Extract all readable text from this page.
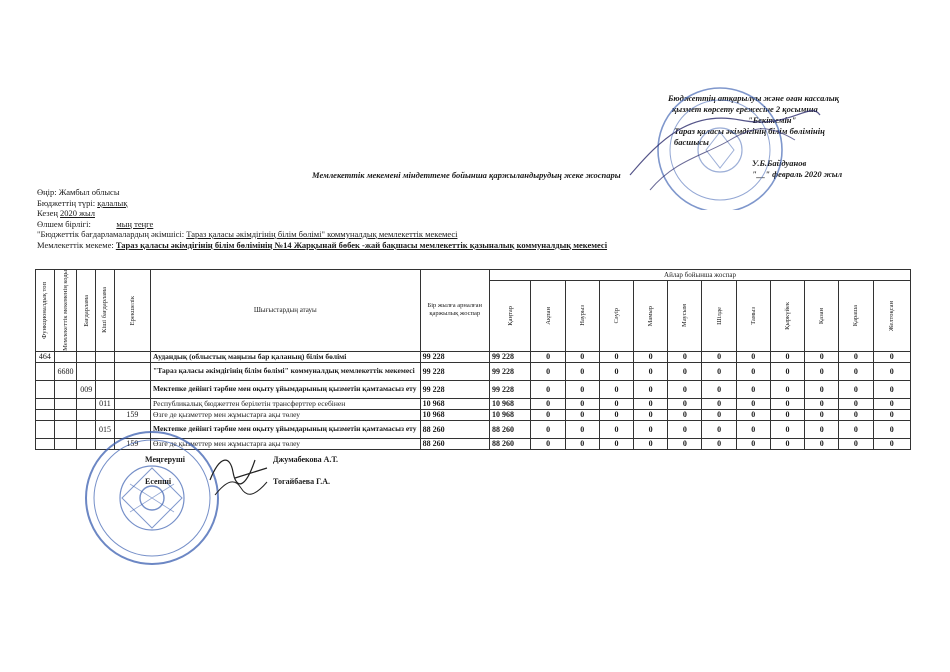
Бюджеттің атқарылуы және оған кассалық
қызмет көрсету ережесіне 2 қосымша
"Бекітемін"
Тараз қаласы әкімдігінің білім бөлімінің
басшысы
У.Б.Байдуанов
"__" февраль 2020 жыл
Мемлекеттік мекемені міндеттеме бойынша қаржыландырудың жеке жоспары
Өңір: Жамбыл облысы
Бюджеттің түрі: қалалық
Кезең 2020 жыл
Өлшем бірлігі:	мың теңге
"Бюджеттік бағдарламалардың әкімшісі: Тараз қаласы әкімдігінің білім бөлімі" коммуналдық мемлекеттік мекемесі
Мемлекеттік мекеме: Тараз қаласы әкімдігінің білім бөлімінің №14 Жарқынай бөбек -жай бақшасы мемлекеттік қазыналық коммуналдық мекемесі
Функционалдық топ	Мемлекеттік мекеменің коды	Бағдарлама	Кіші бағдарлама	Ерекшелік	Шығыстардың атауы	Бір жылға арналған қаржылық жоспар	Айлар бойынша жоспар											

							Қаңтар	Ақпан	Наурыз	Сәуір	Мамыр	Маусым	Шілде	Тамыз	Қыркүйек	Қазан	Қараша	Желтоқсан

464					Аудандық (облыстық маңызы бар қаланың) білім бөлімі	99 228	99 228	0	0	0	0	0	0	0	0	0	0	0
	6680				"Тараз қаласы әкімдігінің білім бөлімі" коммуналдық мемлекеттік мекемесі	99 228	99 228	0	0	0	0	0	0	0	0	0	0	0
		009			Мектепке дейінгі тәрбие мен оқыту ұйымдарының қызметін қамтамасыз ету	99 228	99 228	0	0	0	0	0	0	0	0	0	0	0
			011		Республикалық бюджеттен берілетін трансферттер есебінен	10 968	10 968	0	0	0	0	0	0	0	0	0	0	0
				159	Өзге де қызметтер мен жұмыстарға ақы төлеу	10 968	10 968	0	0	0	0	0	0	0	0	0	0	0
			015		Мектепке дейінгі тәрбие мен оқыту ұйымдарының қызметін қамтамасыз ету	88 260	88 260	0	0	0	0	0	0	0	0	0	0	0
				159	Өзге де қызметтер мен жұмыстарға ақы төлеу	88 260	88 260	0	0	0	0	0	0	0	0	0	0	0
Меңгеруші	Джумабекова А.Т.
Есепші	Тогайбаева Г.А.
